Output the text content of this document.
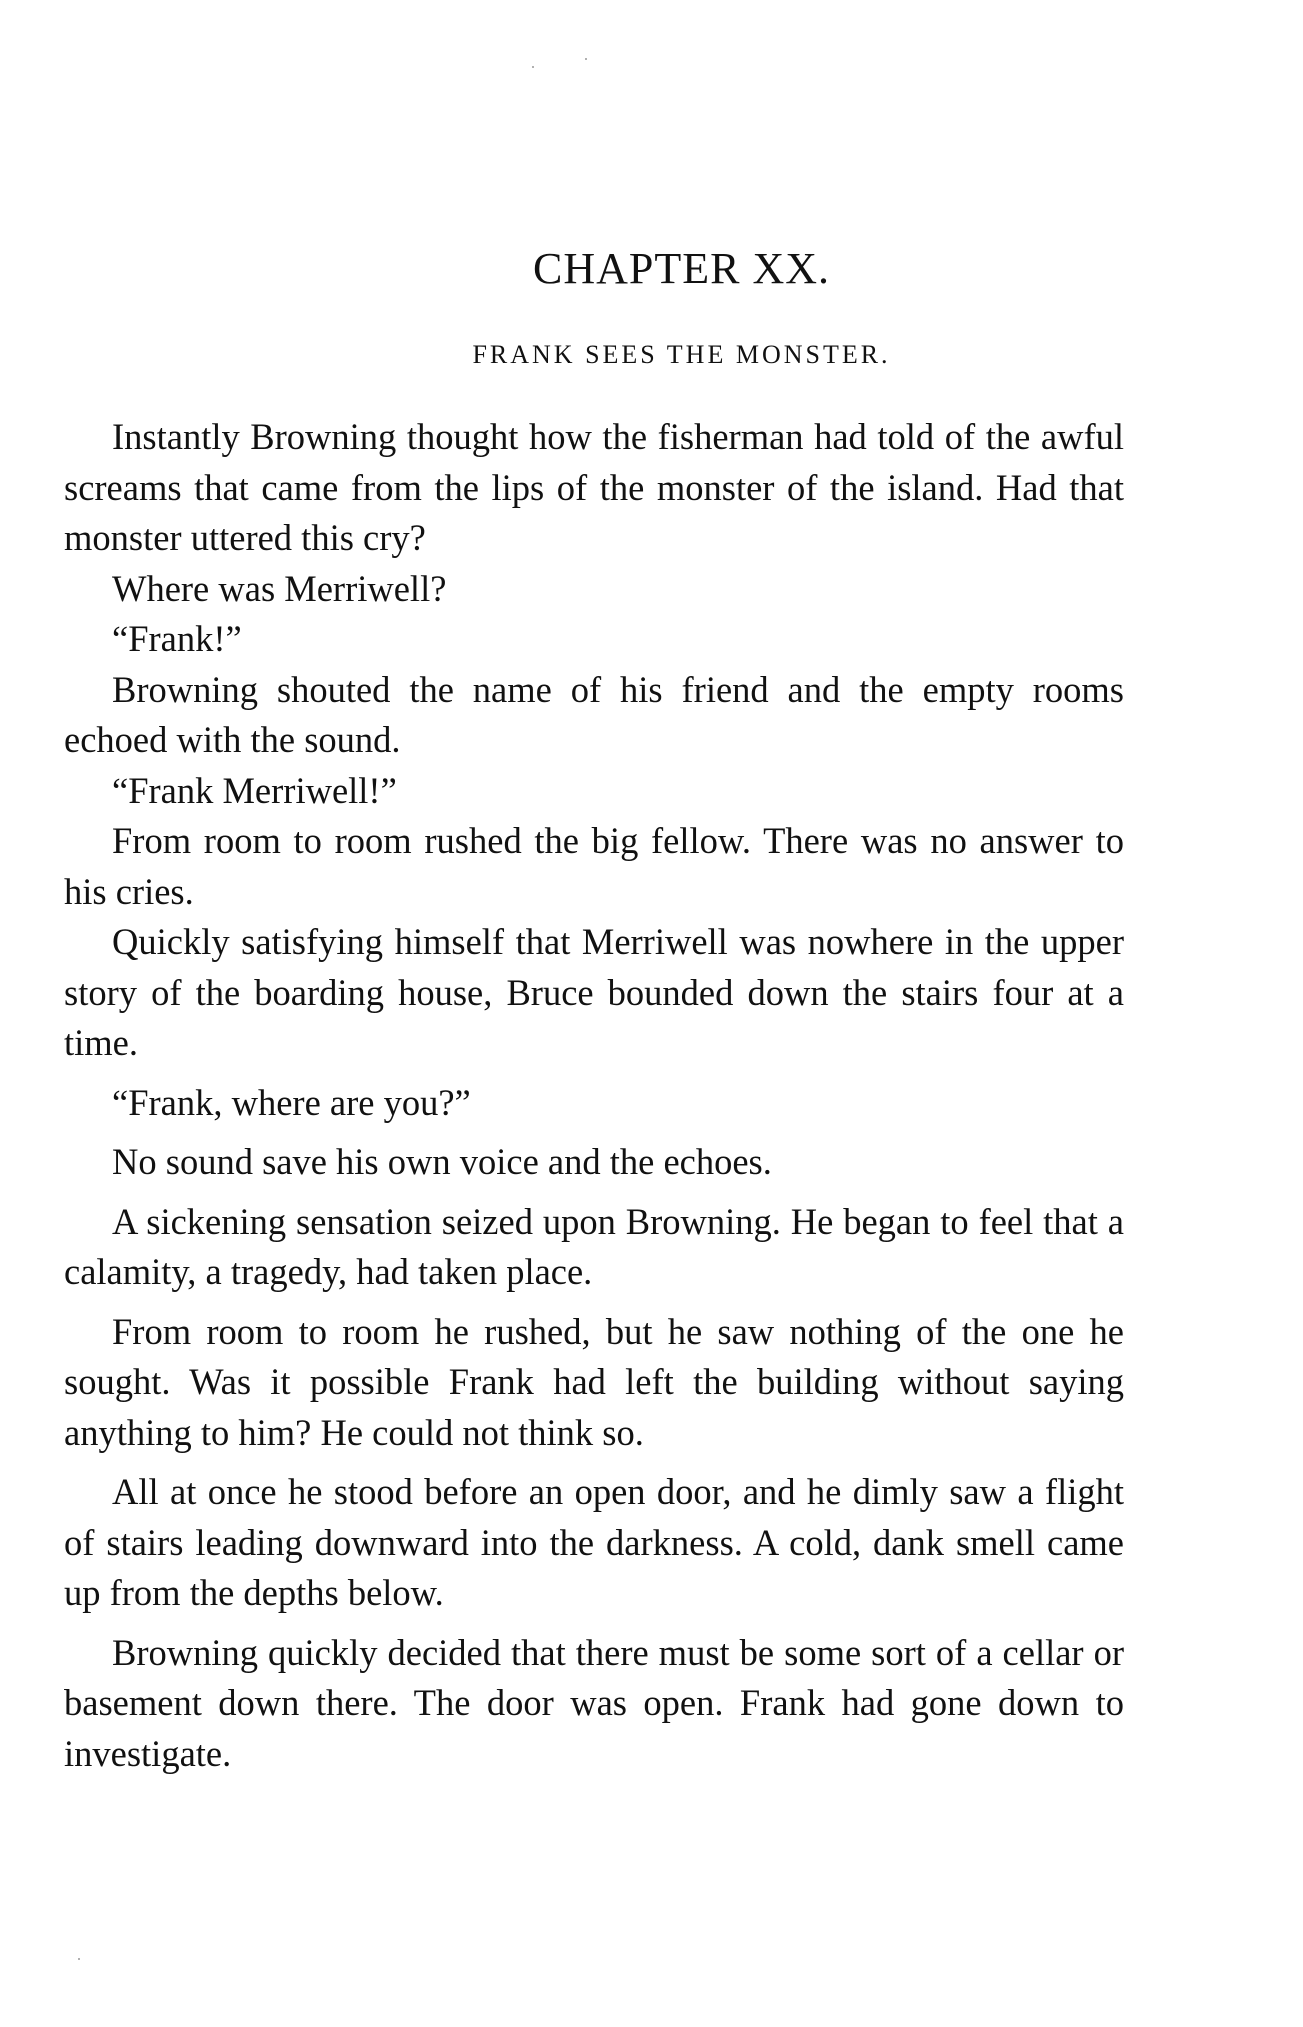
CHAPTER XX.
FRANK SEES THE MONSTER.

Instantly Browning thought how the fisherman had told of the awful screams that came from the lips of the monster of the island. Had that monster uttered this cry?

Where was Merriwell?

“Frank!”

Browning shouted the name of his friend and the empty rooms echoed with the sound.

“Frank Merriwell!”

From room to room rushed the big fellow. There was no answer to his cries.

Quickly satisfying himself that Merriwell was nowhere in the upper story of the boarding house, Bruce bounded down the stairs four at a time.

“Frank, where are you?”

No sound save his own voice and the echoes.

A sickening sensation seized upon Browning. He began to feel that a calamity, a tragedy, had taken place.

From room to room he rushed, but he saw nothing of the one he sought. Was it possible Frank had left the building without saying anything to him? He could not think so.

All at once he stood before an open door, and he dimly saw a flight of stairs leading downward into the darkness. A cold, dank smell came up from the depths below.

Browning quickly decided that there must be some sort of a cellar or basement down there. The door was open. Frank had gone down to investigate.
